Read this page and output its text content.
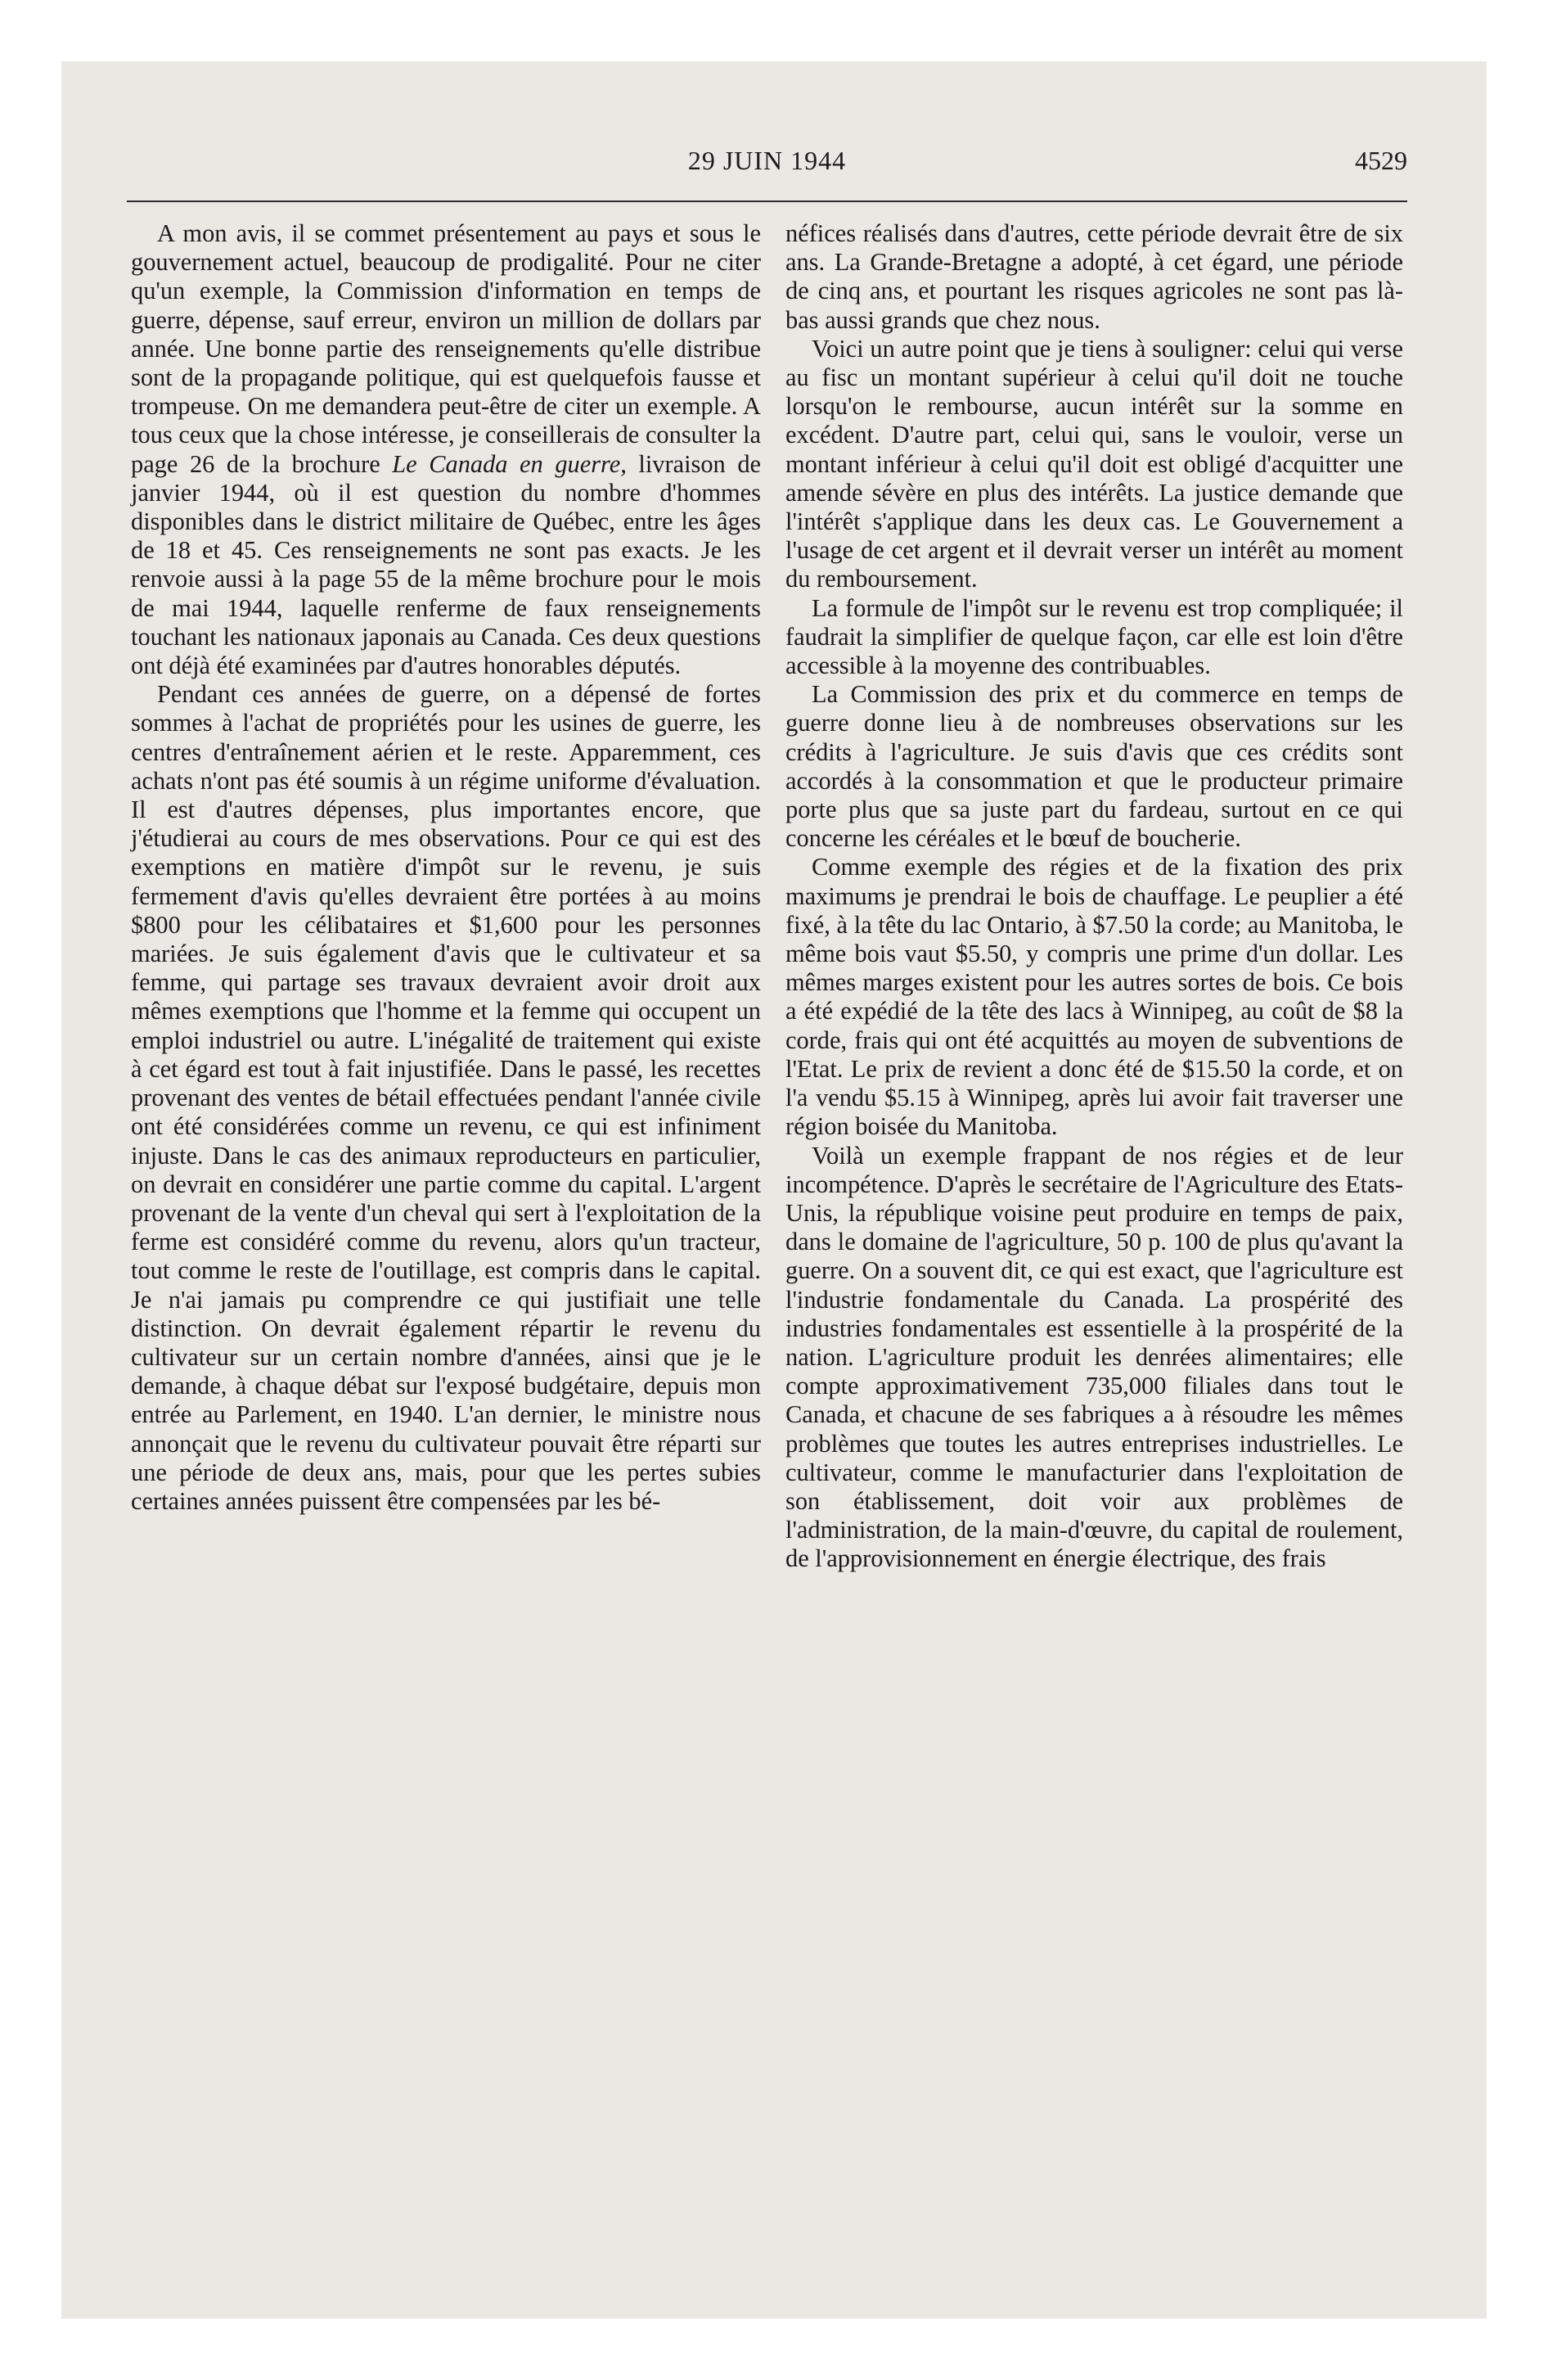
29 JUIN 1944	4529

A mon avis, il se commet présentement au pays et sous le gouvernement actuel, beaucoup de prodigalité. Pour ne citer qu'un exemple, la Commission d'information en temps de guerre, dépense, sauf erreur, environ un million de dollars par année. Une bonne partie des renseignements qu'elle distribue sont de la propagande politique, qui est quelquefois fausse et trompeuse. On me demandera peut-être de citer un exemple. A tous ceux que la chose intéresse, je conseillerais de consulter la page 26 de la brochure Le Canada en guerre, livraison de janvier 1944, où il est question du nombre d'hommes disponibles dans le district militaire de Québec, entre les âges de 18 et 45. Ces renseignements ne sont pas exacts. Je les renvoie aussi à la page 55 de la même brochure pour le mois de mai 1944, laquelle renferme de faux renseignements touchant les nationaux japonais au Canada. Ces deux questions ont déjà été examinées par d'autres honorables députés.

Pendant ces années de guerre, on a dépensé de fortes sommes à l'achat de propriétés pour les usines de guerre, les centres d'entraînement aérien et le reste. Apparemment, ces achats n'ont pas été soumis à un régime uniforme d'évaluation. Il est d'autres dépenses, plus importantes encore, que j'étudierai au cours de mes observations. Pour ce qui est des exemptions en matière d'impôt sur le revenu, je suis fermement d'avis qu'elles devraient être portées à au moins $800 pour les célibataires et $1,600 pour les personnes mariées. Je suis également d'avis que le cultivateur et sa femme, qui partage ses travaux devraient avoir droit aux mêmes exemptions que l'homme et la femme qui occupent un emploi industriel ou autre. L'inégalité de traitement qui existe à cet égard est tout à fait injustifiée. Dans le passé, les recettes provenant des ventes de bétail effectuées pendant l'année civile ont été considérées comme un revenu, ce qui est infiniment injuste. Dans le cas des animaux reproducteurs en particulier, on devrait en considérer une partie comme du capital. L'argent provenant de la vente d'un cheval qui sert à l'exploitation de la ferme est considéré comme du revenu, alors qu'un tracteur, tout comme le reste de l'outillage, est compris dans le capital. Je n'ai jamais pu comprendre ce qui justifiait une telle distinction. On devrait également répartir le revenu du cultivateur sur un certain nombre d'années, ainsi que je le demande, à chaque débat sur l'exposé budgétaire, depuis mon entrée au Parlement, en 1940. L'an dernier, le ministre nous annonçait que le revenu du cultivateur pouvait être réparti sur une période de deux ans, mais, pour que les pertes subies certaines années puissent être compensées par les bé-

néfices réalisés dans d'autres, cette période devrait être de six ans. La Grande-Bretagne a adopté, à cet égard, une période de cinq ans, et pourtant les risques agricoles ne sont pas là-bas aussi grands que chez nous.

Voici un autre point que je tiens à souligner: celui qui verse au fisc un montant supérieur à celui qu'il doit ne touche lorsqu'on le rembourse, aucun intérêt sur la somme en excédent. D'autre part, celui qui, sans le vouloir, verse un montant inférieur à celui qu'il doit est obligé d'acquitter une amende sévère en plus des intérêts. La justice demande que l'intérêt s'applique dans les deux cas. Le Gouvernement a l'usage de cet argent et il devrait verser un intérêt au moment du remboursement.

La formule de l'impôt sur le revenu est trop compliquée; il faudrait la simplifier de quelque façon, car elle est loin d'être accessible à la moyenne des contribuables.

La Commission des prix et du commerce en temps de guerre donne lieu à de nombreuses observations sur les crédits à l'agriculture. Je suis d'avis que ces crédits sont accordés à la consommation et que le producteur primaire porte plus que sa juste part du fardeau, surtout en ce qui concerne les céréales et le bœuf de boucherie.

Comme exemple des régies et de la fixation des prix maximums je prendrai le bois de chauffage. Le peuplier a été fixé, à la tête du lac Ontario, à $7.50 la corde; au Manitoba, le même bois vaut $5.50, y compris une prime d'un dollar. Les mêmes marges existent pour les autres sortes de bois. Ce bois a été expédié de la tête des lacs à Winnipeg, au coût de $8 la corde, frais qui ont été acquittés au moyen de subventions de l'Etat. Le prix de revient a donc été de $15.50 la corde, et on l'a vendu $5.15 à Winnipeg, après lui avoir fait traverser une région boisée du Manitoba.

Voilà un exemple frappant de nos régies et de leur incompétence. D'après le secrétaire de l'Agriculture des Etats-Unis, la république voisine peut produire en temps de paix, dans le domaine de l'agriculture, 50 p. 100 de plus qu'avant la guerre. On a souvent dit, ce qui est exact, que l'agriculture est l'industrie fondamentale du Canada. La prospérité des industries fondamentales est essentielle à la prospérité de la nation. L'agriculture produit les denrées alimentaires; elle compte approximativement 735,000 filiales dans tout le Canada, et chacune de ses fabriques a à résoudre les mêmes problèmes que toutes les autres entreprises industrielles. Le cultivateur, comme le manufacturier dans l'exploitation de son établissement, doit voir aux problèmes de l'administration, de la main-d'œuvre, du capital de roulement, de l'approvisionnement en énergie électrique, des frais
